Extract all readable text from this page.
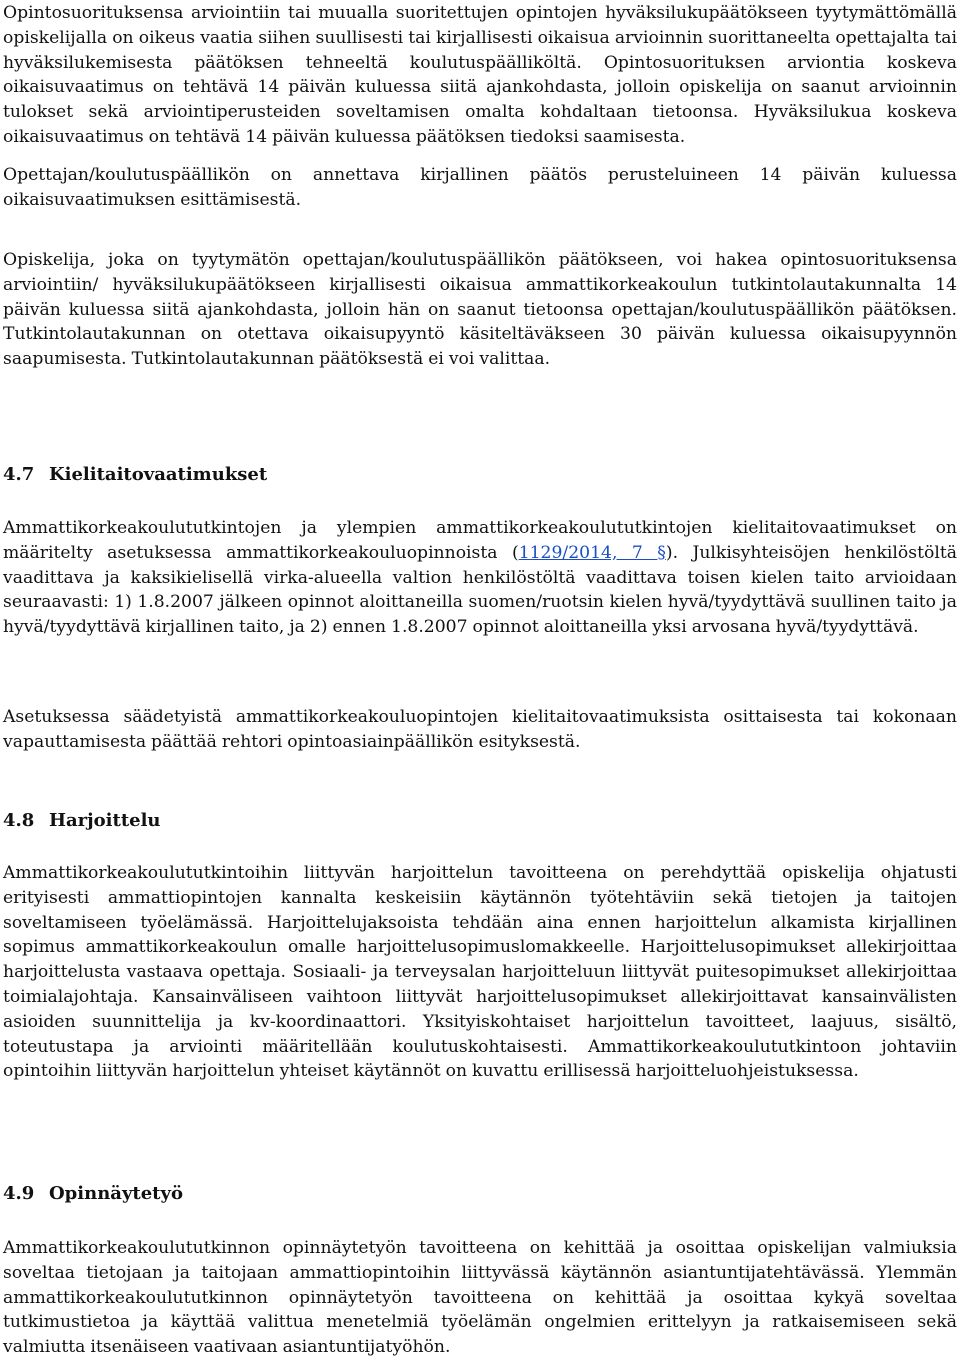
Opintosuorituksensa arviointiin tai muualla suoritettujen opintojen hyväksilukupäätökseen tyytymättömällä opiskelijalla on oikeus vaatia siihen suullisesti tai kirjallisesti oikaisua arvioinnin suorittaneelta opettajalta tai hyväksilukemisesta päätöksen tehneeltä koulutuspäälliköltä. Opintosuorituksen arviontia koskeva oikaisuvaatimus on tehtävä 14 päivän kuluessa siitä ajankohdasta, jolloin opiskelija on saanut arvioinnin tulokset sekä arviointiperusteiden soveltamisen omalta kohdaltaan tietoonsa. Hyväksilukua koskeva oikaisuvaatimus on tehtävä 14 päivän kuluessa päätöksen tiedoksi saamisesta.

Opettajan/koulutuspäällikön on annettava kirjallinen päätös perusteluineen 14 päivän kuluessa oikaisuvaatimuksen esittämisestä.

Opiskelija, joka on tyytymätön opettajan/koulutuspäällikön päätökseen, voi hakea opintosuorituksensa arviointiin/ hyväksilukupäätökseen kirjallisesti oikaisua ammattikorkeakoulun tutkintolautakunnalta 14 päivän kuluessa siitä ajankohdasta, jolloin hän on saanut tietoonsa opettajan/koulutuspäällikön päätöksen. Tutkintolautakunnan on otettava oikaisupyyntö käsiteltäväkseen 30 päivän kuluessa oikaisupyynnön saapumisesta. Tutkintolautakunnan päätöksestä ei voi valittaa.

4.7 Kielitaitovaatimukset

Ammattikorkeakoulututkintojen ja ylempien ammattikorkeakoulututkintojen kielitaitovaatimukset on määritelty asetuksessa ammattikorkeakouluopinnoista (1129/2014, 7 §). Julkisyhteisöjen henkilöstöltä vaadittava ja kaksikielisellä virka-alueella valtion henkilöstöltä vaadittava toisen kielen taito arvioidaan seuraavasti: 1) 1.8.2007 jälkeen opinnot aloittaneilla suomen/ruotsin kielen hyvä/tyydyttävä suullinen taito ja hyvä/tyydyttävä kirjallinen taito, ja 2) ennen 1.8.2007 opinnot aloittaneilla yksi arvosana hyvä/tyydyttävä.

Asetuksessa säädetyistä ammattikorkeakouluopintojen kielitaitovaatimuksista osittaisesta tai kokonaan vapauttamisesta päättää rehtori opintoasiainpäällikön esityksestä.

4.8 Harjoittelu

Ammattikorkeakoulututkintoihin liittyvän harjoittelun tavoitteena on perehdyttää opiskelija ohjatusti erityisesti ammattiopintojen kannalta keskeisiin käytännön työtehtäviin sekä tietojen ja taitojen soveltamiseen työelämässä. Harjoittelujaksoista tehdään aina ennen harjoittelun alkamista kirjallinen sopimus ammattikorkeakoulun omalle harjoittelusopimuslomakkeelle. Harjoittelusopimukset allekirjoittaa harjoittelusta vastaava opettaja. Sosiaali- ja terveysalan harjoitteluun liittyvät puitesopimukset allekirjoittaa toimialajohtaja. Kansainväliseen vaihtoon liittyvät harjoittelusopimukset allekirjoittavat kansainvälisten asioiden suunnittelija ja kv-koordinaattori. Yksityiskohtaiset harjoittelun tavoitteet, laajuus, sisältö, toteutustapa ja arviointi määritellään koulutuskohtaisesti. Ammattikorkeakoulututkintoon johtaviin opintoihin liittyvän harjoittelun yhteiset käytännöt on kuvattu erillisessä harjoitteluohjeistuksessa.

4.9 Opinnäytetyö

Ammattikorkeakoulututkinnon opinnäytetyön tavoitteena on kehittää ja osoittaa opiskelijan valmiuksia soveltaa tietojaan ja taitojaan ammattiopintoihin liittyvässä käytännön asiantuntijatehtävässä. Ylemmän ammattikorkeakoulututkinnon opinnäytetyön tavoitteena on kehittää ja osoittaa kykyä soveltaa tutkimustietoa ja käyttää valittua menetelmiä työelämän ongelmien erittelyyn ja ratkaisemiseen sekä valmiutta itsenäiseen vaativaan asiantuntijatyöhön.
